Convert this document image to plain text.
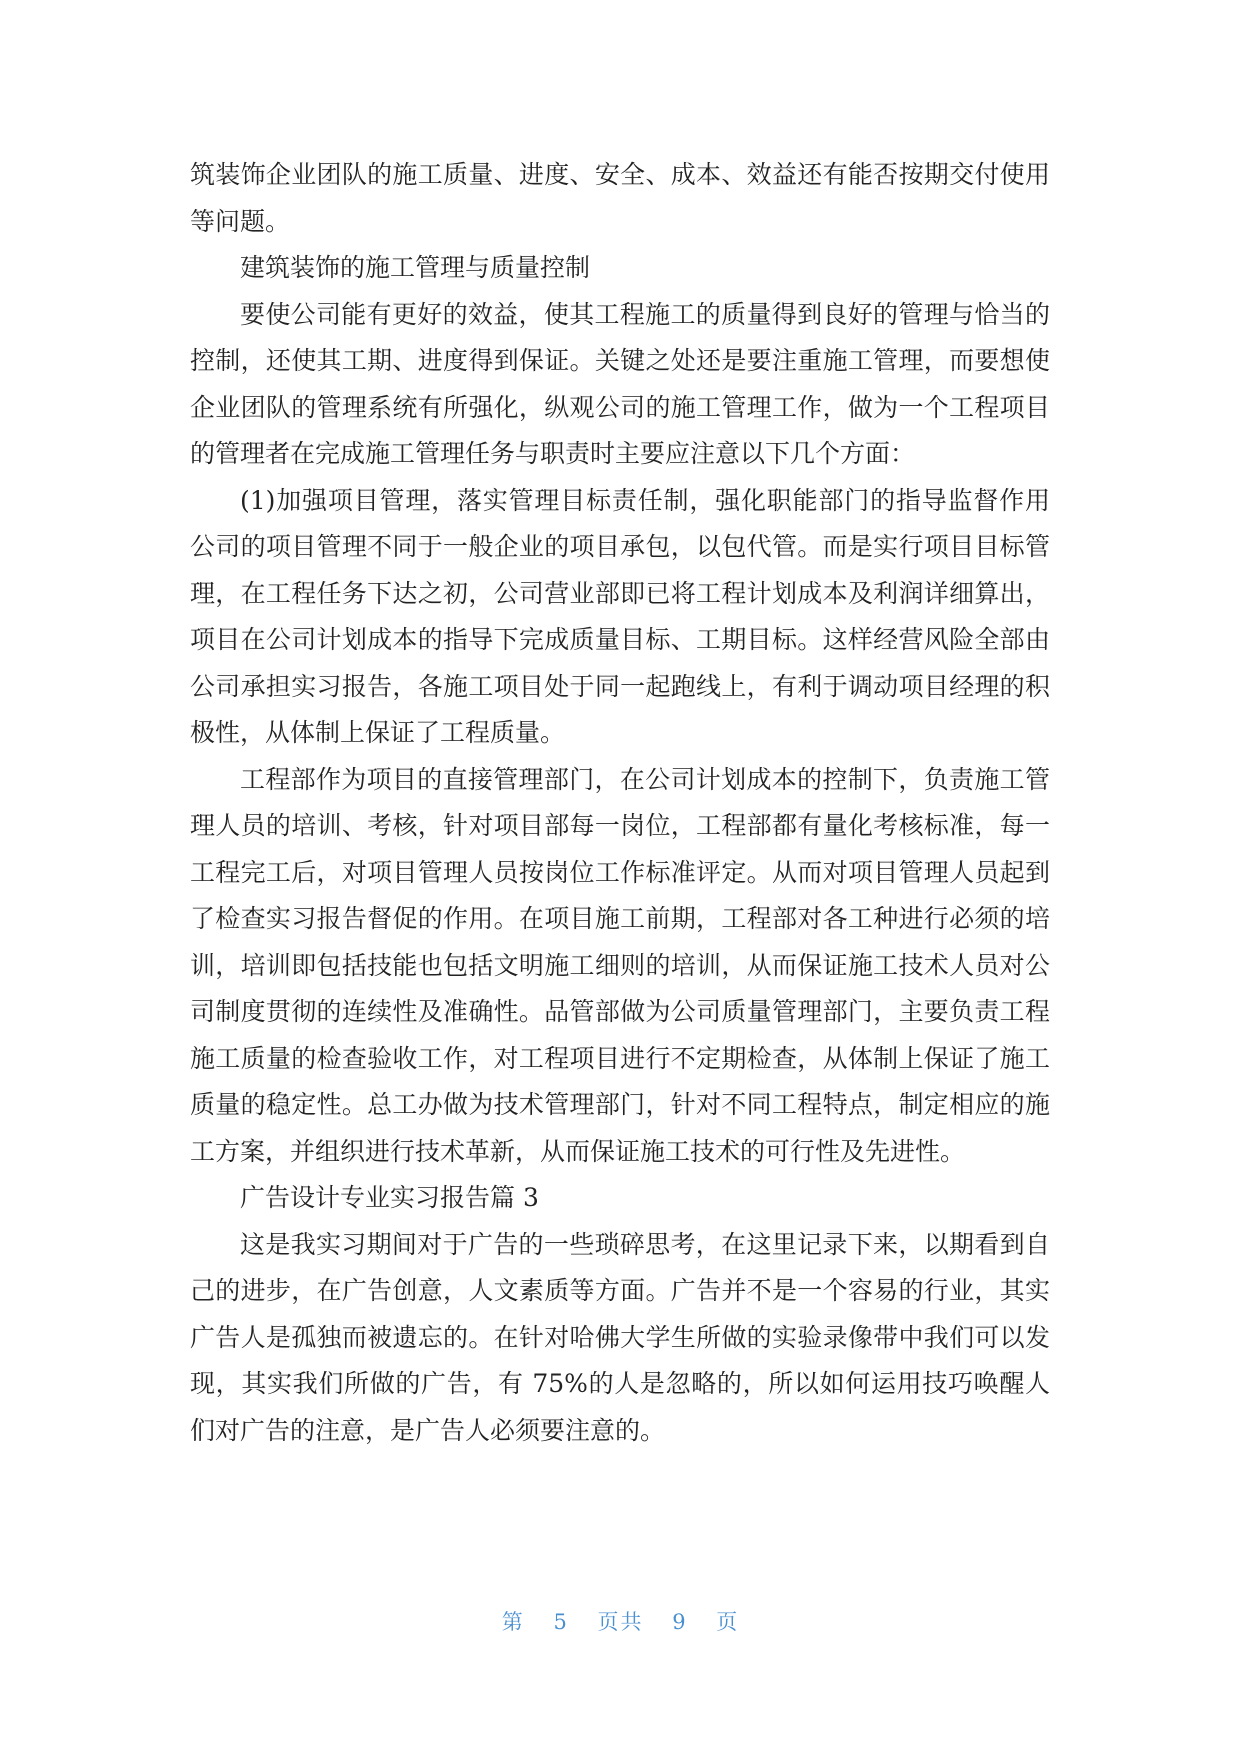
筑装饰企业团队的施工质量、进度、安全、成本、效益还有能否按期交付使用等问题。

建筑装饰的施工管理与质量控制

要使公司能有更好的效益，使其工程施工的质量得到良好的管理与恰当的控制，还使其工期、进度得到保证。关键之处还是要注重施工管理，而要想使企业团队的管理系统有所强化，纵观公司的施工管理工作，做为一个工程项目的管理者在完成施工管理任务与职责时主要应注意以下几个方面：

(1)加强项目管理，落实管理目标责任制，强化职能部门的指导监督作用公司的项目管理不同于一般企业的项目承包，以包代管。而是实行项目目标管理，在工程任务下达之初，公司营业部即已将工程计划成本及利润详细算出，项目在公司计划成本的指导下完成质量目标、工期目标。这样经营风险全部由公司承担实习报告，各施工项目处于同一起跑线上，有利于调动项目经理的积极性，从体制上保证了工程质量。

工程部作为项目的直接管理部门，在公司计划成本的控制下，负责施工管理人员的培训、考核，针对项目部每一岗位，工程部都有量化考核标准，每一工程完工后，对项目管理人员按岗位工作标准评定。从而对项目管理人员起到了检查实习报告督促的作用。在项目施工前期，工程部对各工种进行必须的培训，培训即包括技能也包括文明施工细则的培训，从而保证施工技术人员对公司制度贯彻的连续性及准确性。品管部做为公司质量管理部门，主要负责工程施工质量的检查验收工作，对工程项目进行不定期检查，从体制上保证了施工质量的稳定性。总工办做为技术管理部门，针对不同工程特点，制定相应的施工方案，并组织进行技术革新，从而保证施工技术的可行性及先进性。

广告设计专业实习报告篇 3

这是我实习期间对于广告的一些琐碎思考，在这里记录下来，以期看到自己的进步，在广告创意，人文素质等方面。广告并不是一个容易的行业，其实广告人是孤独而被遗忘的。在针对哈佛大学生所做的实验录像带中我们可以发现，其实我们所做的广告，有 75%的人是忽略的，所以如何运用技巧唤醒人们对广告的注意，是广告人必须要注意的。

第 5 页共 9 页
